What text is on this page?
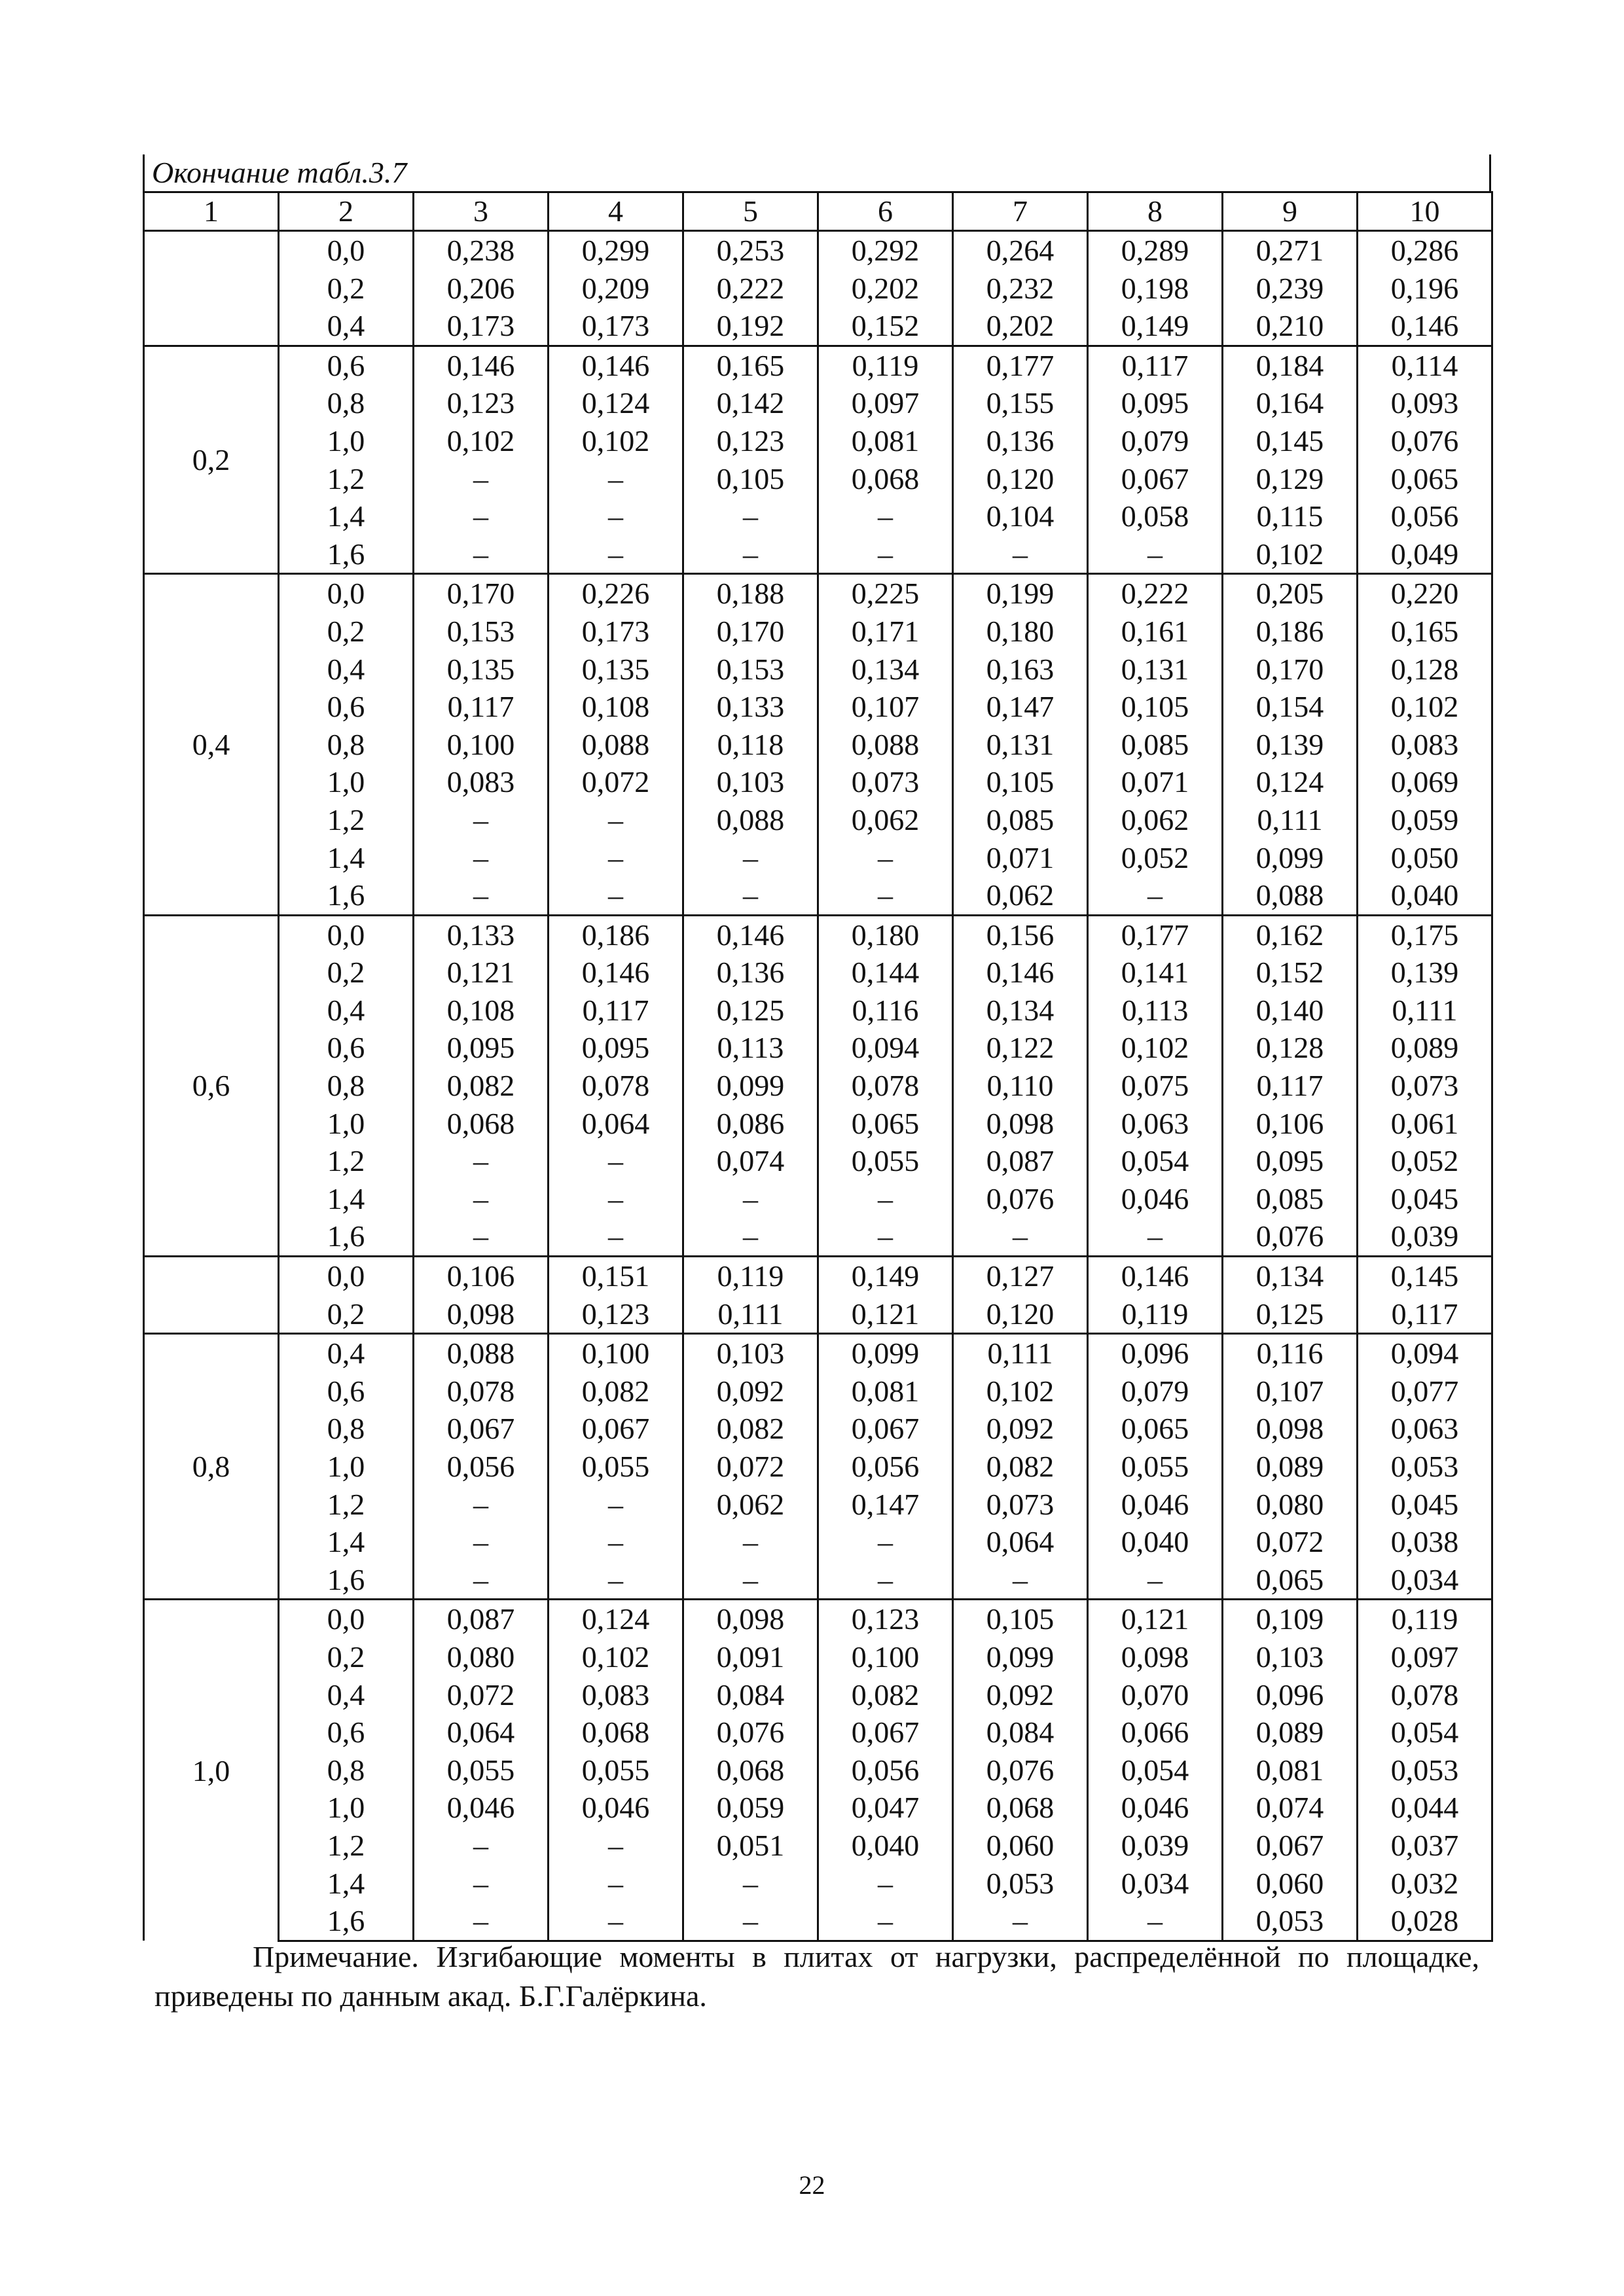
Окончание табл.3.7
1	2	3	4	5	6	7	8	9	10
	0,0	0,238	0,299	0,253	0,292	0,264	0,289	0,271	0,286
	0,2	0,206	0,209	0,222	0,202	0,232	0,198	0,239	0,196
	0,4	0,173	0,173	0,192	0,152	0,202	0,149	0,210	0,146
0,2	0,6	0,146	0,146	0,165	0,119	0,177	0,117	0,184	0,114
	0,8	0,123	0,124	0,142	0,097	0,155	0,095	0,164	0,093
	1,0	0,102	0,102	0,123	0,081	0,136	0,079	0,145	0,076
	1,2	–	–	0,105	0,068	0,120	0,067	0,129	0,065
	1,4	–	–	–	–	0,104	0,058	0,115	0,056
	1,6	–	–	–	–	–	–	0,102	0,049
0,4	0,0	0,170	0,226	0,188	0,225	0,199	0,222	0,205	0,220
	0,2	0,153	0,173	0,170	0,171	0,180	0,161	0,186	0,165
	0,4	0,135	0,135	0,153	0,134	0,163	0,131	0,170	0,128
	0,6	0,117	0,108	0,133	0,107	0,147	0,105	0,154	0,102
	0,8	0,100	0,088	0,118	0,088	0,131	0,085	0,139	0,083
	1,0	0,083	0,072	0,103	0,073	0,105	0,071	0,124	0,069
	1,2	–	–	0,088	0,062	0,085	0,062	0,111	0,059
	1,4	–	–	–	–	0,071	0,052	0,099	0,050
	1,6	–	–	–	–	0,062	–	0,088	0,040
0,6	0,0	0,133	0,186	0,146	0,180	0,156	0,177	0,162	0,175
	0,2	0,121	0,146	0,136	0,144	0,146	0,141	0,152	0,139
	0,4	0,108	0,117	0,125	0,116	0,134	0,113	0,140	0,111
	0,6	0,095	0,095	0,113	0,094	0,122	0,102	0,128	0,089
	0,8	0,082	0,078	0,099	0,078	0,110	0,075	0,117	0,073
	1,0	0,068	0,064	0,086	0,065	0,098	0,063	0,106	0,061
	1,2	–	–	0,074	0,055	0,087	0,054	0,095	0,052
	1,4	–	–	–	–	0,076	0,046	0,085	0,045
	1,6	–	–	–	–	–	–	0,076	0,039
	0,0	0,106	0,151	0,119	0,149	0,127	0,146	0,134	0,145
	0,2	0,098	0,123	0,111	0,121	0,120	0,119	0,125	0,117
0,8	0,4	0,088	0,100	0,103	0,099	0,111	0,096	0,116	0,094
	0,6	0,078	0,082	0,092	0,081	0,102	0,079	0,107	0,077
	0,8	0,067	0,067	0,082	0,067	0,092	0,065	0,098	0,063
	1,0	0,056	0,055	0,072	0,056	0,082	0,055	0,089	0,053
	1,2	–	–	0,062	0,147	0,073	0,046	0,080	0,045
	1,4	–	–	–	–	0,064	0,040	0,072	0,038
	1,6	–	–	–	–	–	–	0,065	0,034
1,0	0,0	0,087	0,124	0,098	0,123	0,105	0,121	0,109	0,119
	0,2	0,080	0,102	0,091	0,100	0,099	0,098	0,103	0,097
	0,4	0,072	0,083	0,084	0,082	0,092	0,070	0,096	0,078
	0,6	0,064	0,068	0,076	0,067	0,084	0,066	0,089	0,054
	0,8	0,055	0,055	0,068	0,056	0,076	0,054	0,081	0,053
	1,0	0,046	0,046	0,059	0,047	0,068	0,046	0,074	0,044
	1,2	–	–	0,051	0,040	0,060	0,039	0,067	0,037
	1,4	–	–	–	–	0,053	0,034	0,060	0,032
	1,6	–	–	–	–	–	–	0,053	0,028
Примечание. Изгибающие моменты в плитах от нагрузки, распределённой по площадке, приведены по данным акад. Б.Г.Галёркина.
22
